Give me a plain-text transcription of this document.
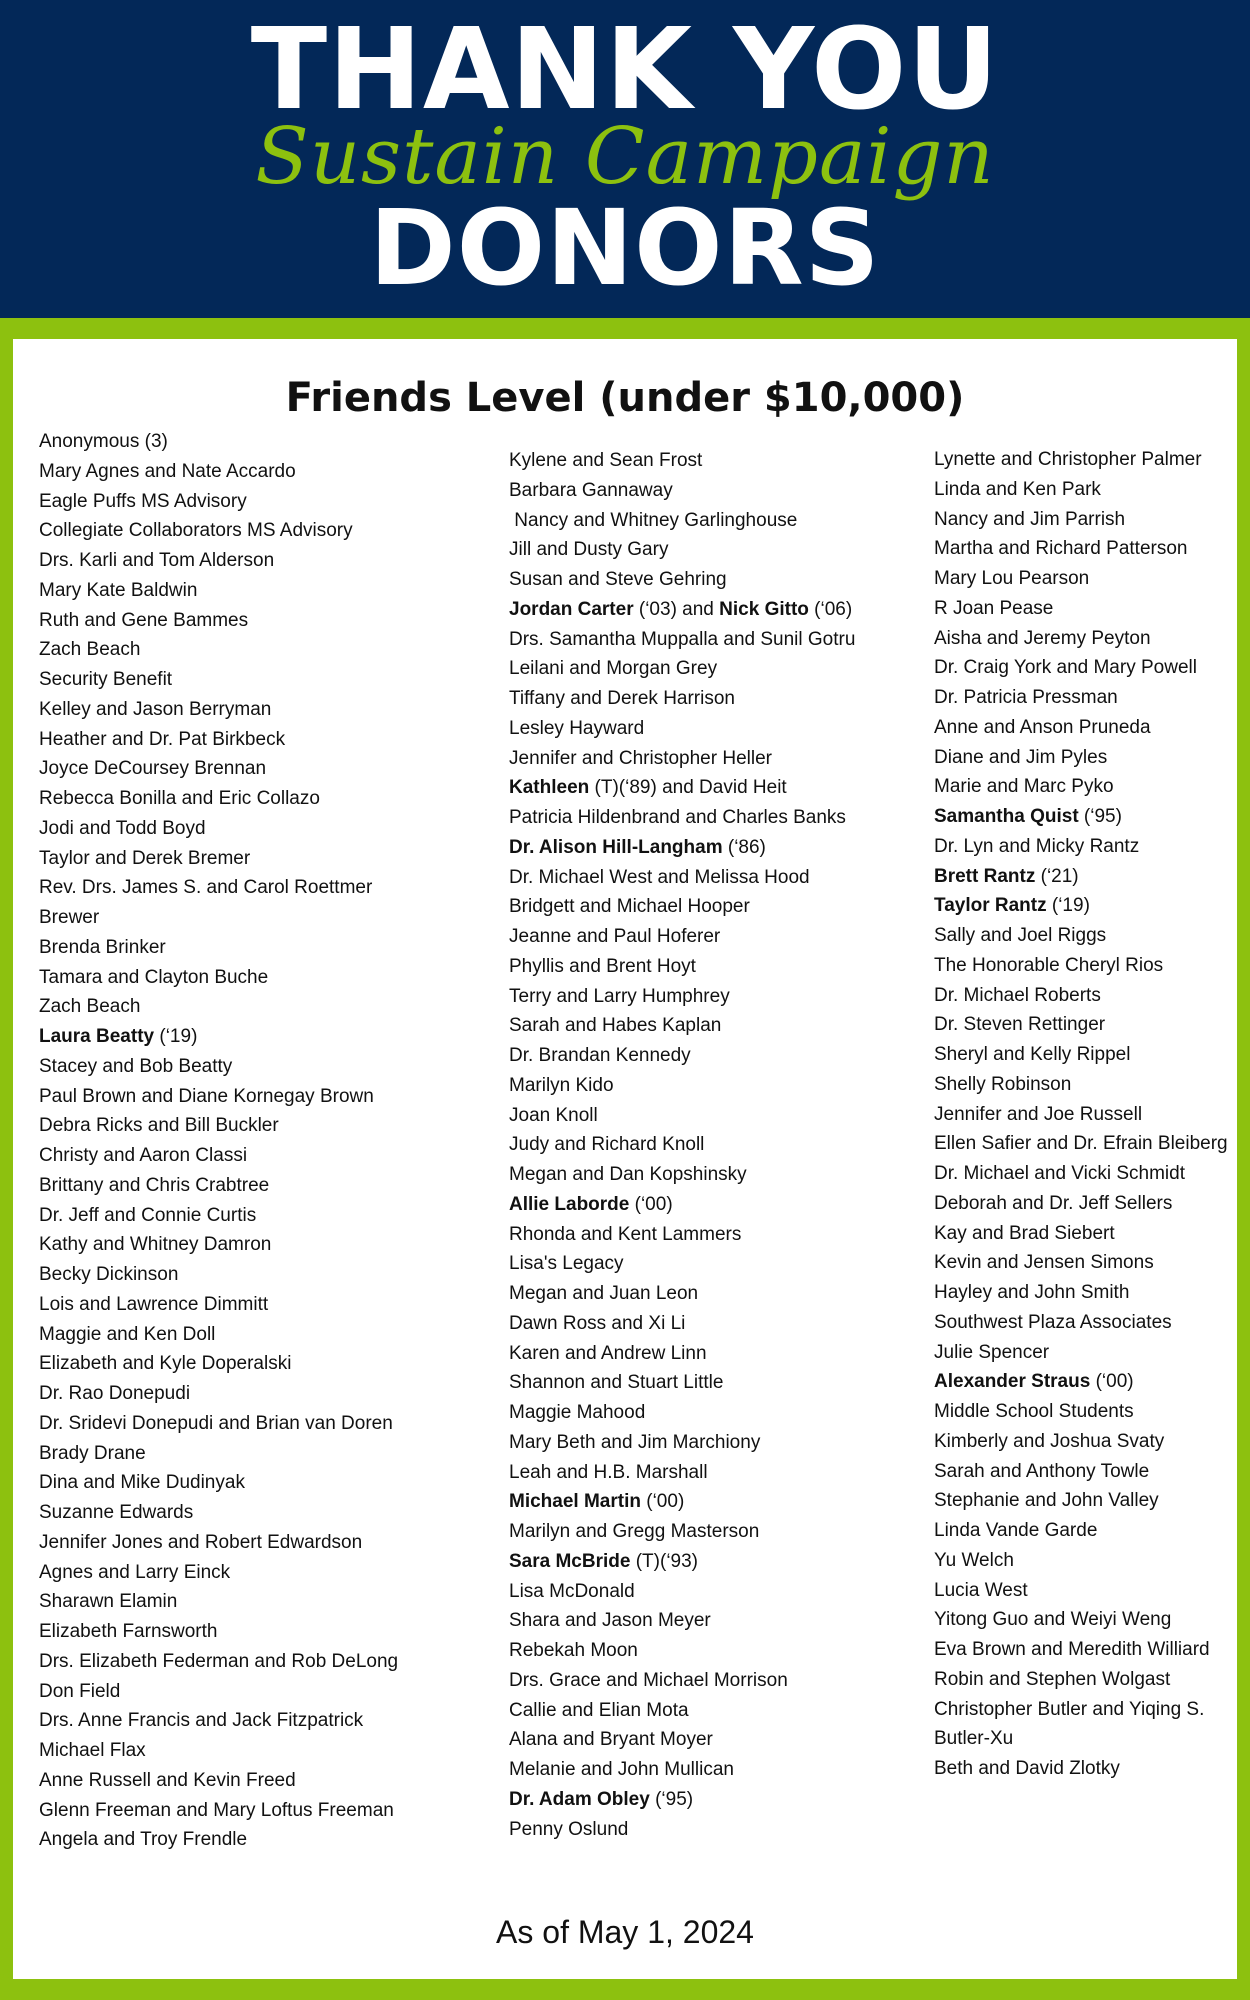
THANK YOU
Sustain Campaign
DONORS
Friends Level (under $10,000)
Anonymous (3)
Mary Agnes and Nate Accardo
Eagle Puffs MS Advisory
Collegiate Collaborators MS Advisory
Drs. Karli and Tom Alderson
Mary Kate Baldwin
Ruth and Gene Bammes
Zach Beach
Security Benefit
Kelley and Jason Berryman
Heather and Dr. Pat Birkbeck
Joyce DeCoursey Brennan
Rebecca Bonilla and Eric Collazo
Jodi and Todd Boyd
Taylor and Derek Bremer
Rev. Drs. James S. and Carol Roettmer
Brewer
Brenda Brinker
Tamara and Clayton Buche
Zach Beach
Laura Beatty (‘19)
Stacey and Bob Beatty
Paul Brown and Diane Kornegay Brown
Debra Ricks and Bill Buckler
Christy and Aaron Classi
Brittany and Chris Crabtree
Dr. Jeff and Connie Curtis
Kathy and Whitney Damron
Becky Dickinson
Lois and Lawrence Dimmitt
Maggie and Ken Doll
Elizabeth and Kyle Doperalski
Dr. Rao Donepudi
Dr. Sridevi Donepudi and Brian van Doren
Brady Drane
Dina and Mike Dudinyak
Suzanne Edwards
Jennifer Jones and Robert Edwardson
Agnes and Larry Einck
Sharawn Elamin
Elizabeth Farnsworth
Drs. Elizabeth Federman and Rob DeLong
Don Field
Drs. Anne Francis and Jack Fitzpatrick
Michael Flax
Anne Russell and Kevin Freed
Glenn Freeman and Mary Loftus Freeman
Angela and Troy Frendle
Kylene and Sean Frost
Barbara Gannaway
Nancy and Whitney Garlinghouse
Jill and Dusty Gary
Susan and Steve Gehring
Jordan Carter (‘03) and Nick Gitto (‘06)
Drs. Samantha Muppalla and Sunil Gotru
Leilani and Morgan Grey
Tiffany and Derek Harrison
Lesley Hayward
Jennifer and Christopher Heller
Kathleen (T)(‘89) and David Heit
Patricia Hildenbrand and Charles Banks
Dr. Alison Hill-Langham (‘86)
Dr. Michael West and Melissa Hood
Bridgett and Michael Hooper
Jeanne and Paul Hoferer
Phyllis and Brent Hoyt
Terry and Larry Humphrey
Sarah and Habes Kaplan
Dr. Brandan Kennedy
Marilyn Kido
Joan Knoll
Judy and Richard Knoll
Megan and Dan Kopshinsky
Allie Laborde (‘00)
Rhonda and Kent Lammers
Lisa's Legacy
Megan and Juan Leon
Dawn Ross and Xi Li
Karen and Andrew Linn
Shannon and Stuart Little
Maggie Mahood
Mary Beth and Jim Marchiony
Leah and H.B. Marshall
Michael Martin (‘00)
Marilyn and Gregg Masterson
Sara McBride (T)(‘93)
Lisa McDonald
Shara and Jason Meyer
Rebekah Moon
Drs. Grace and Michael Morrison
Callie and Elian Mota
Alana and Bryant Moyer
Melanie and John Mullican
Dr. Adam Obley (‘95)
Penny Oslund
Lynette and Christopher Palmer
Linda and Ken Park
Nancy and Jim Parrish
Martha and Richard Patterson
Mary Lou Pearson
R Joan Pease
Aisha and Jeremy Peyton
Dr. Craig York and Mary Powell
Dr. Patricia Pressman
Anne and Anson Pruneda
Diane and Jim Pyles
Marie and Marc Pyko
Samantha Quist (‘95)
Dr. Lyn and Micky Rantz
Brett Rantz (‘21)
Taylor Rantz (‘19)
Sally and Joel Riggs
The Honorable Cheryl Rios
Dr. Michael Roberts
Dr. Steven Rettinger
Sheryl and Kelly Rippel
Shelly Robinson
Jennifer and Joe Russell
Ellen Safier and Dr. Efrain Bleiberg
Dr. Michael and Vicki Schmidt
Deborah and Dr. Jeff Sellers
Kay and Brad Siebert
Kevin and Jensen Simons
Hayley and John Smith
Southwest Plaza Associates
Julie Spencer
Alexander Straus (‘00)
Middle School Students
Kimberly and Joshua Svaty
Sarah and Anthony Towle
Stephanie and John Valley
Linda Vande Garde
Yu Welch
Lucia West
Yitong Guo and Weiyi Weng
Eva Brown and Meredith Williard
Robin and Stephen Wolgast
Christopher Butler and Yiqing S.
Butler-Xu
Beth and David Zlotky
As of May 1, 2024
